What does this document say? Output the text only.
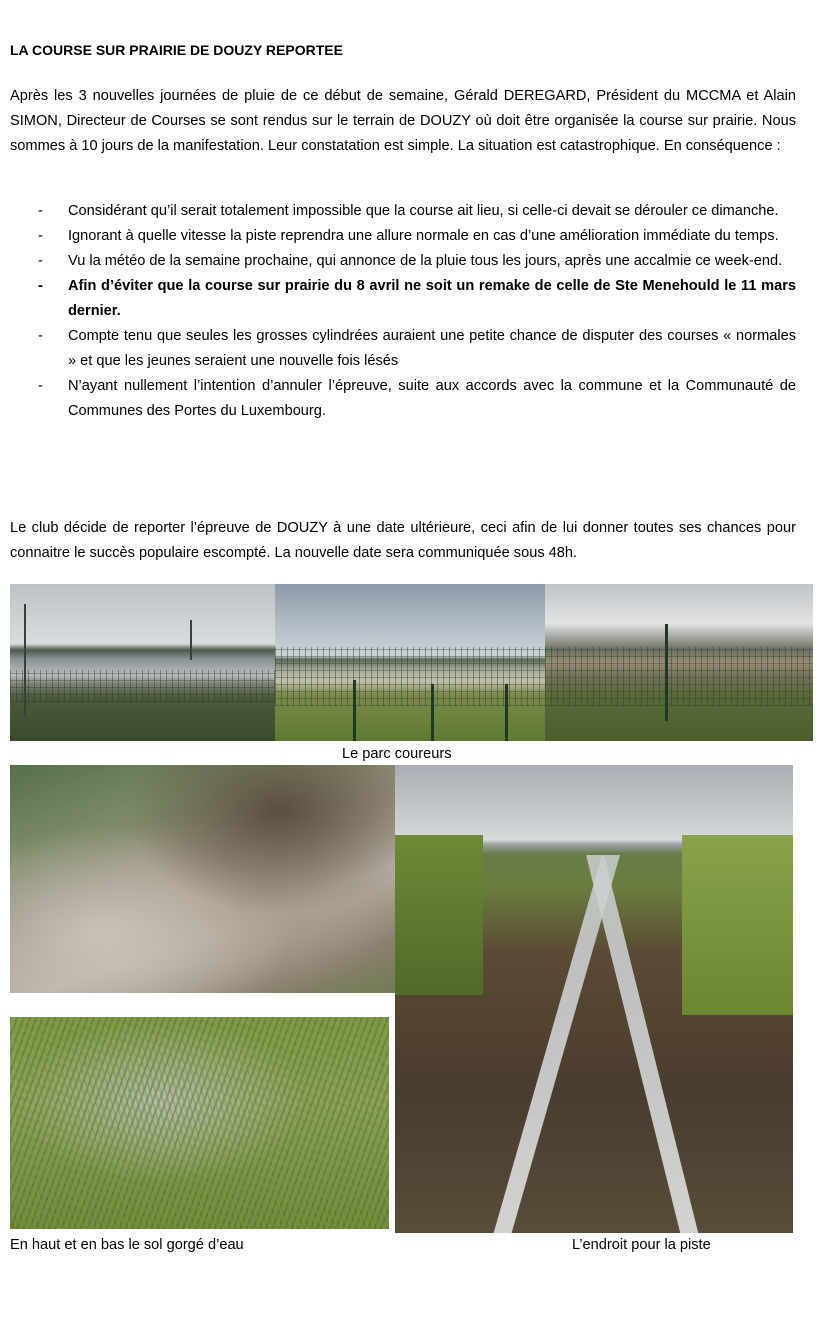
LA COURSE SUR PRAIRIE DE DOUZY REPORTEE
Après les 3 nouvelles journées de pluie de ce début de semaine, Gérald DEREGARD, Président du MCCMA et Alain SIMON, Directeur de Courses se sont rendus sur le terrain de DOUZY où doit être organisée la course sur prairie. Nous sommes à 10 jours de la manifestation. Leur constatation est simple. La situation est catastrophique. En conséquence :
- Considérant qu’il serait totalement impossible que la course ait lieu, si celle-ci devait se dérouler ce dimanche.
- Ignorant à quelle vitesse la piste reprendra une allure normale en cas d’une amélioration immédiate du temps.
- Vu la météo de la semaine prochaine, qui annonce de la pluie tous les jours, après une accalmie ce week-end.
- Afin d’éviter que la course sur prairie du 8 avril ne soit un remake de celle de Ste Menehould le 11 mars dernier.
- Compte tenu que seules les grosses cylindrées auraient une petite chance de disputer des courses « normales » et que les jeunes seraient une nouvelle fois lésés
- N’ayant nullement l’intention d’annuler l’épreuve, suite aux accords avec la commune et la Communauté de Communes des Portes du Luxembourg.
Le club décide de reporter l’épreuve de DOUZY à une date ultérieure, ceci afin de lui donner toutes ses chances pour connaitre le succès populaire escompté. La nouvelle date sera communiquée sous 48h.
Le parc coureurs
En haut et en bas le sol gorgé d’eau	L’endroit pour la piste
